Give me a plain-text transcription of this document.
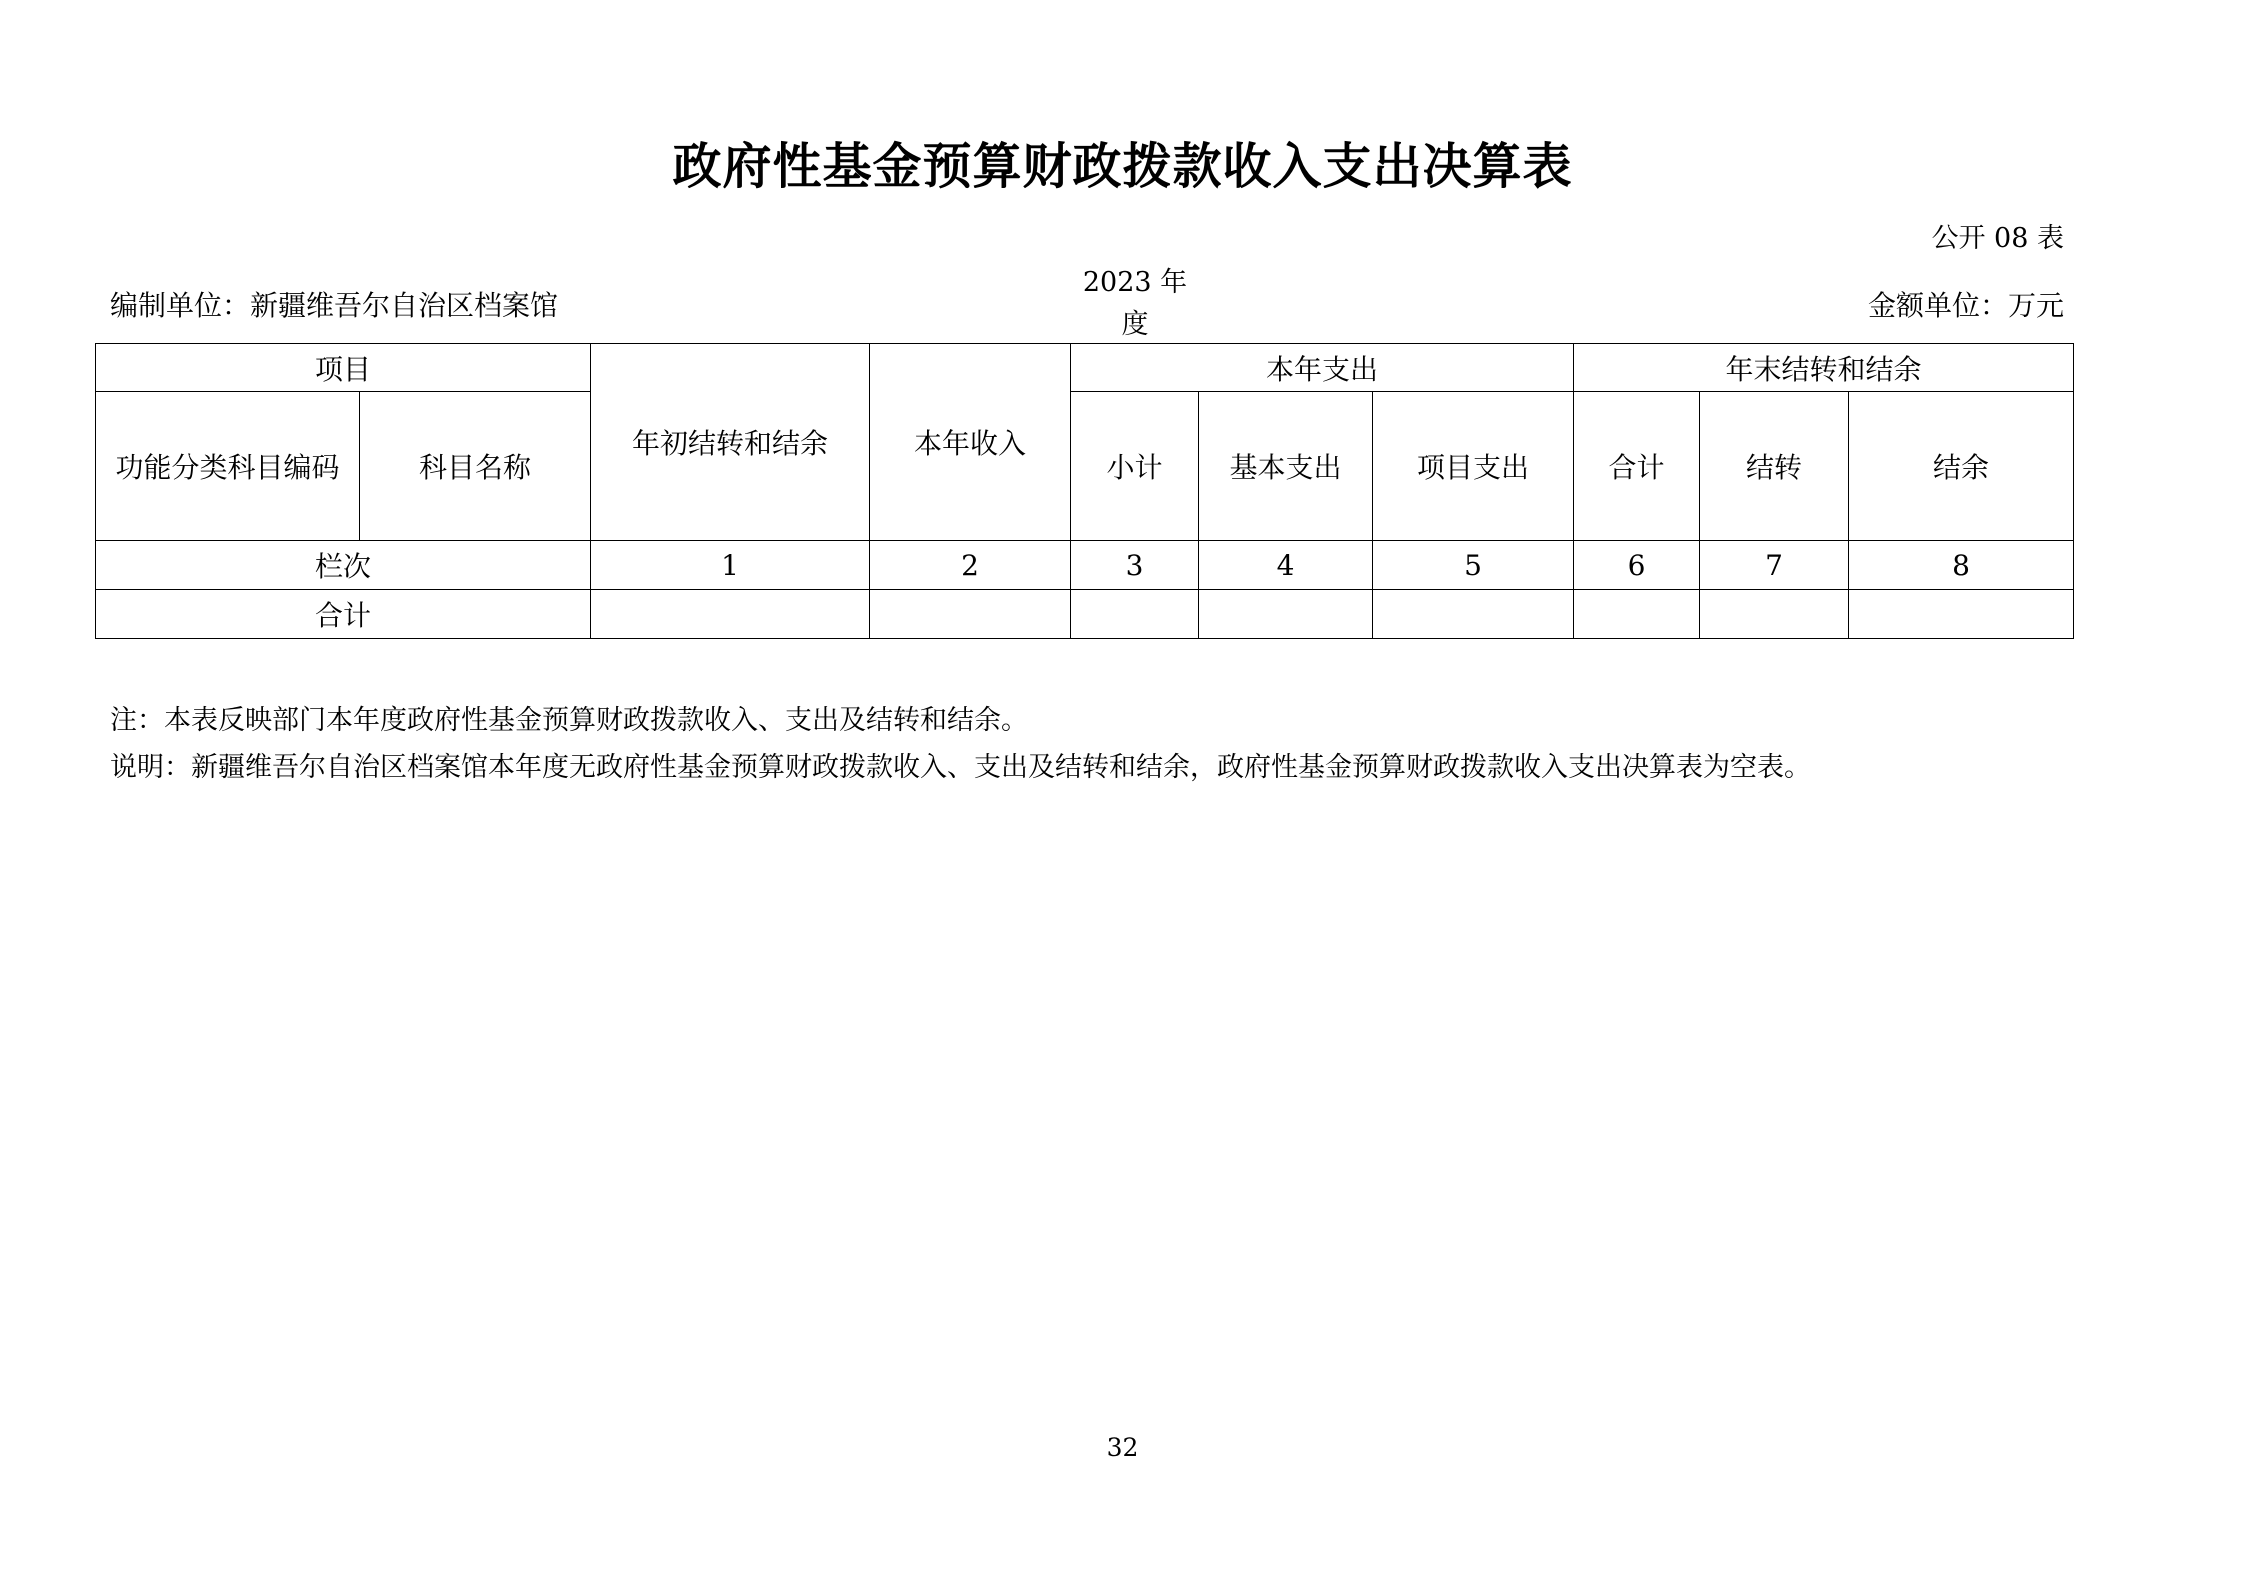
政府性基金预算财政拨款收入支出决算表
公开 08 表
编制单位：新疆维吾尔自治区档案馆
2023 年
度
金额单位：万元
项目		年初结转和结余	本年收入	本年支出			年末结转和结余		
功能分类科目编码	科目名称			小计	基本支出	项目支出	合计	结转	结余
栏次		1	2	3	4	5	6	7	8
合计									
注：本表反映部门本年度政府性基金预算财政拨款收入、支出及结转和结余。
说明：新疆维吾尔自治区档案馆本年度无政府性基金预算财政拨款收入、支出及结转和结余，政府性基金预算财政拨款收入支出决算表为空表。
32
